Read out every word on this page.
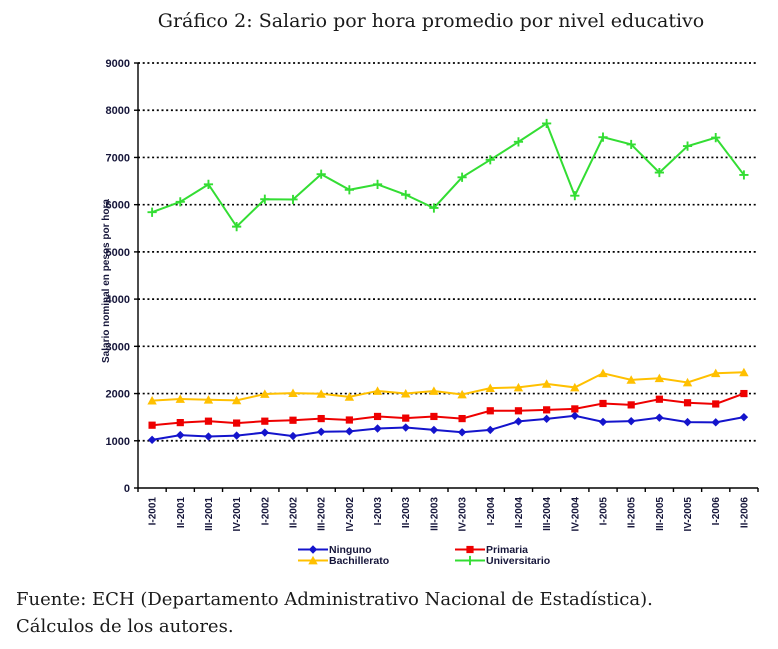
Gráfico 2: Salario por hora promedio por nivel educativo
Salario nominal en pesos por hora
0
1000
2000
3000
4000
5000
6000
7000
8000
9000
I-2001 II-2001 III-2001 IV-2001 I-2002 II-2002 III-2002 IV-2002 I-2003 II-2003 III-2003 IV-2003 I-2004 II-2004 III-2004 IV-2004 I-2005 II-2005 III-2005 IV-2005 I-2006 II-2006
Ninguno	Primaria
Bachillerato	Universitario
Fuente: ECH (Departamento Administrativo Nacional de Estadística).
Cálculos de los autores.
